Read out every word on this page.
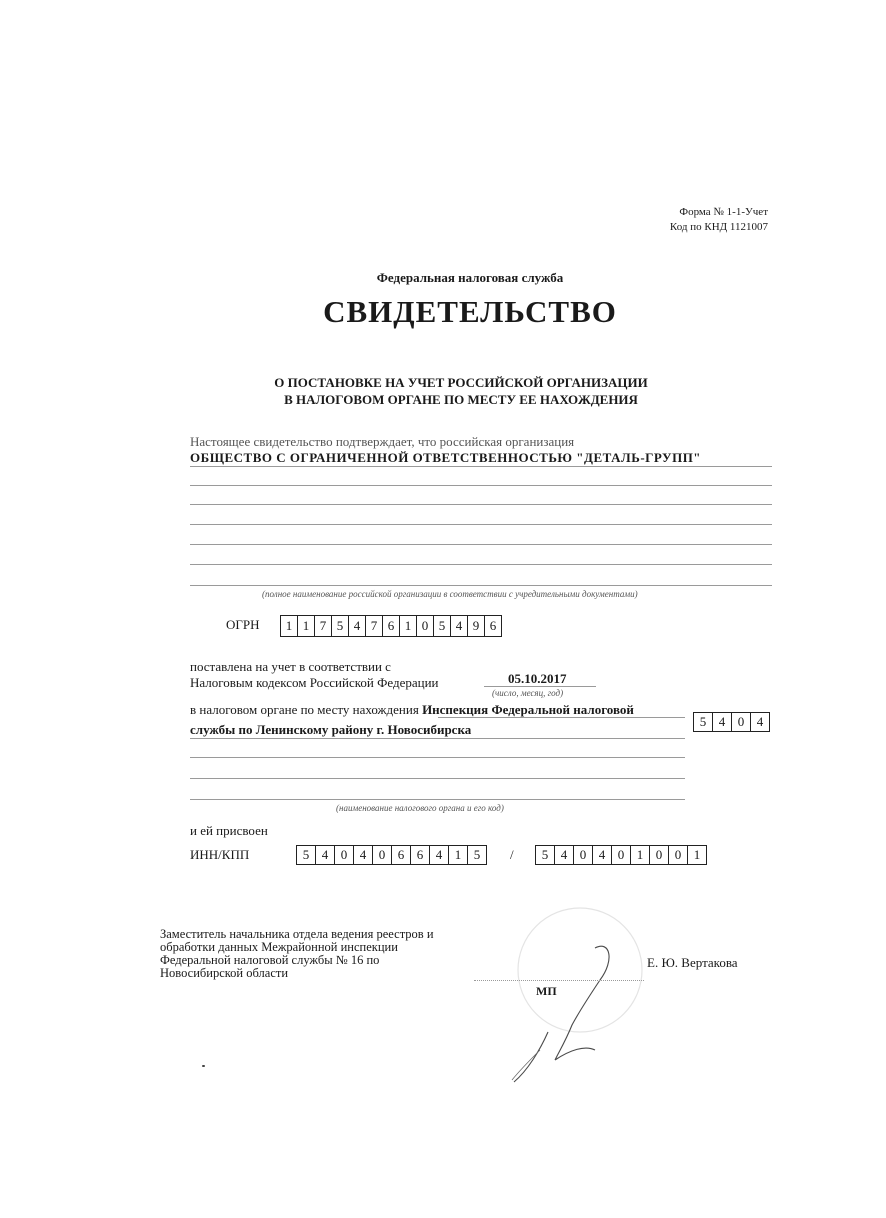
Форма № 1-1-Учет
Код по КНД 1121007
Федеральная налоговая служба
СВИДЕТЕЛЬСТВО
О ПОСТАНОВКЕ НА УЧЕТ РОССИЙСКОЙ ОРГАНИЗАЦИИ
В НАЛОГОВОМ ОРГАНЕ ПО МЕСТУ ЕЕ НАХОЖДЕНИЯ
Настоящее свидетельство подтверждает, что российская организация
ОБЩЕСТВО С ОГРАНИЧЕННОЙ ОТВЕТСТВЕННОСТЬЮ "ДЕТАЛЬ-ГРУПП"
(полное наименование российской организации в соответствии с учредительными документами)
ОГРН	1 1 7 5 4 7 6 1 0 5 4 9 6
поставлена на учет в соответствии с
Налоговым кодексом Российской Федерации	05.10.2017
(число, месяц, год)
в налоговом органе по месту нахождения Инспекция Федеральной налоговой
службы по Ленинскому району г. Новосибирска
5 4 0 4
(наименование налогового органа и его код)
и ей присвоен
ИНН/КПП	5 4 0 4 0 6 6 4 1 5	/	5 4 0 4 0 1 0 0 1
Заместитель начальника отдела ведения реестров и
обработки данных Межрайонной инспекции
Федеральной налоговой службы № 16 по
Новосибирской области
МП
Е. Ю. Вертакова
